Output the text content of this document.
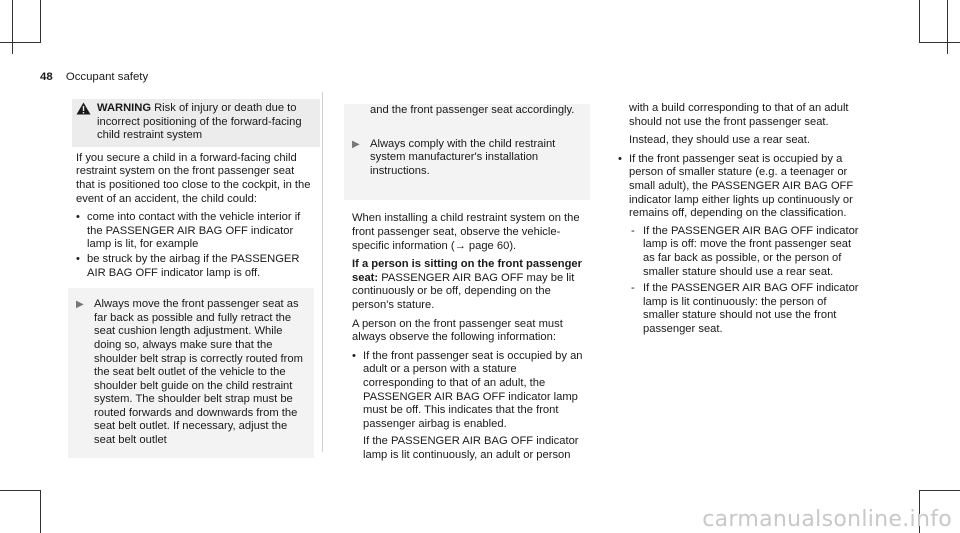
48 Occupant safety
WARNING Risk of injury or death due to incorrect positioning of the forward-facing child restraint system

If you secure a child in a forward-facing child restraint system on the front passenger seat that is positioned too close to the cockpit, in the event of an accident, the child could:

• come into contact with the vehicle interior if the PASSENGER AIR BAG OFF indicator lamp is lit, for example
• be struck by the airbag if the PASSENGER AIR BAG OFF indicator lamp is off.
▶ Always move the front passenger seat as far back as possible and fully retract the seat cushion length adjustment. While doing so, always make sure that the shoulder belt strap is correctly routed from the seat belt outlet of the vehicle to the shoulder belt guide on the child restraint system. The shoulder belt strap must be routed forwards and downwards from the seat belt outlet. If necessary, adjust the seat belt outlet
and the front passenger seat accordingly.
▶ Always comply with the child restraint system manufacturer's installation instructions.

When installing a child restraint system on the front passenger seat, observe the vehicle-specific information (→ page 60).

If a person is sitting on the front passenger seat: PASSENGER AIR BAG OFF may be lit continuously or be off, depending on the person's stature.

A person on the front passenger seat must always observe the following information:

• If the front passenger seat is occupied by an adult or a person with a stature corresponding to that of an adult, the PASSENGER AIR BAG OFF indicator lamp must be off. This indicates that the front passenger airbag is enabled.
If the PASSENGER AIR BAG OFF indicator lamp is lit continuously, an adult or person

with a build corresponding to that of an adult should not use the front passenger seat.

Instead, they should use a rear seat.

• If the front passenger seat is occupied by a person of smaller stature (e.g. a teenager or small adult), the PASSENGER AIR BAG OFF indicator lamp either lights up continuously or remains off, depending on the classification.
- If the PASSENGER AIR BAG OFF indicator lamp is off: move the front passenger seat as far back as possible, or the person of smaller stature should use a rear seat.
- If the PASSENGER AIR BAG OFF indicator lamp is lit continuously: the person of smaller stature should not use the front passenger seat.
carmanualsonline.info
